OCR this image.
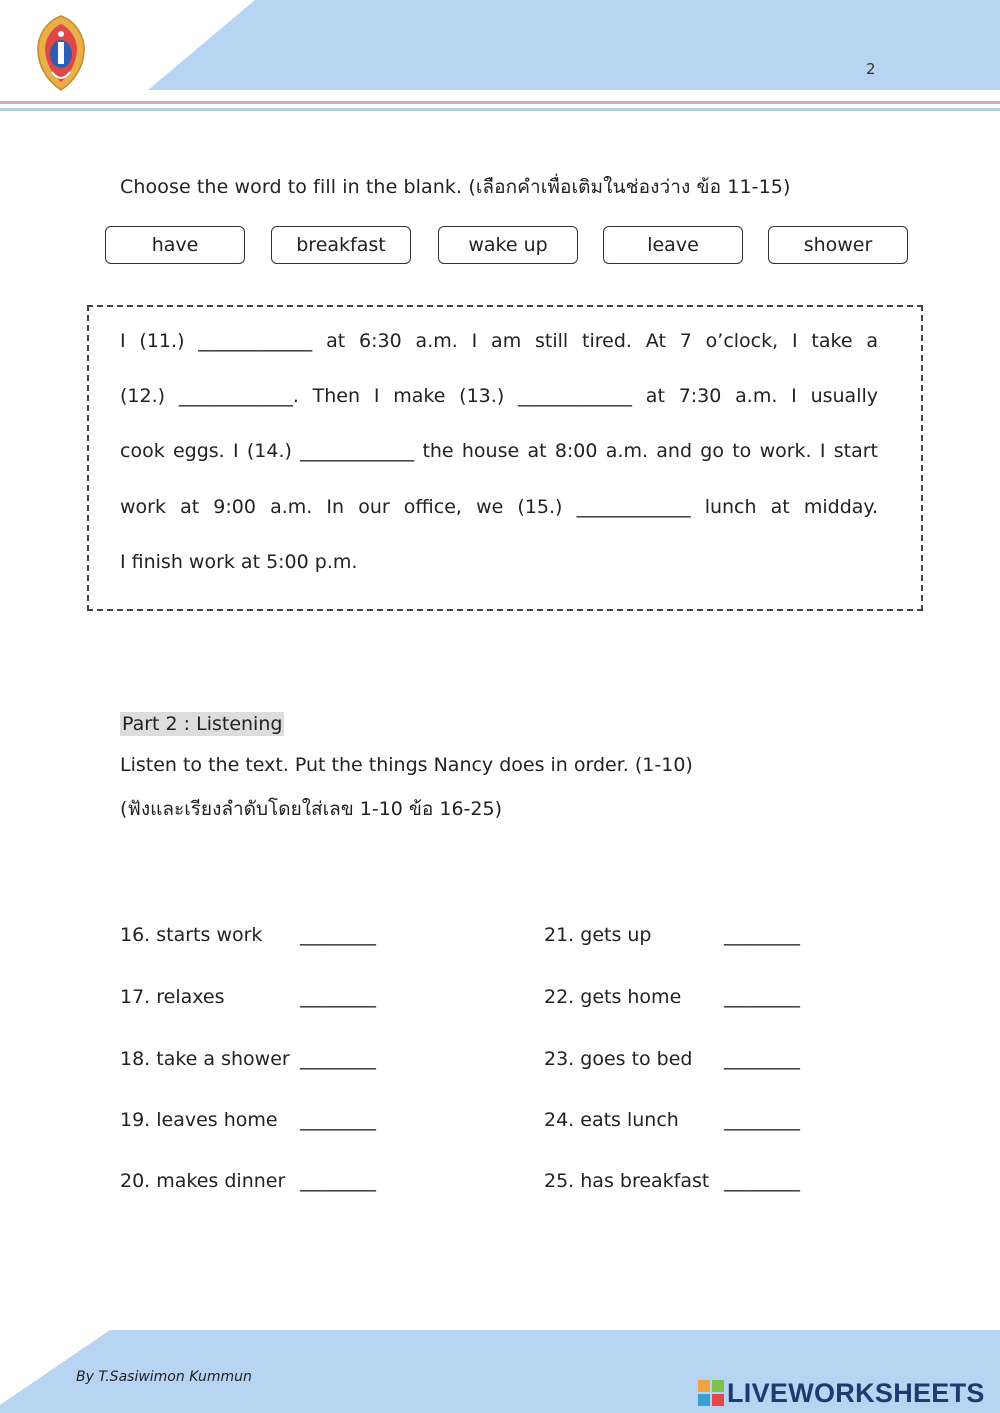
2
Choose the word to fill in the blank. (เลือกคำเพื่อเติมในช่องว่าง ข้อ 11-15)
have	breakfast	wake up	leave	shower
I (11.) ____________ at 6:30 a.m. I am still tired. At 7 o’clock, I take a
(12.) ____________. Then I make (13.) ____________ at 7:30 a.m. I usually
cook eggs. I (14.) ____________ the house at 8:00 a.m. and go to work. I start
work at 9:00 a.m. In our office, we (15.) ____________ lunch at midday.
I finish work at 5:00 p.m.
Part 2 : Listening
Listen to the text. Put the things Nancy does in order. (1-10)
(ฟังและเรียงลำดับโดยใส่เลข 1-10 ข้อ 16-25)
16. starts work ________
17. relaxes	________
18. take a shower ________
19. leaves home ________
20. makes dinner ________
21. gets up	________
22. gets home ________
23. goes to bed ________
24. eats lunch ________
25. has breakfast ________
By T.Sasiwimon Kummun
LIVEWORKSHEETS
